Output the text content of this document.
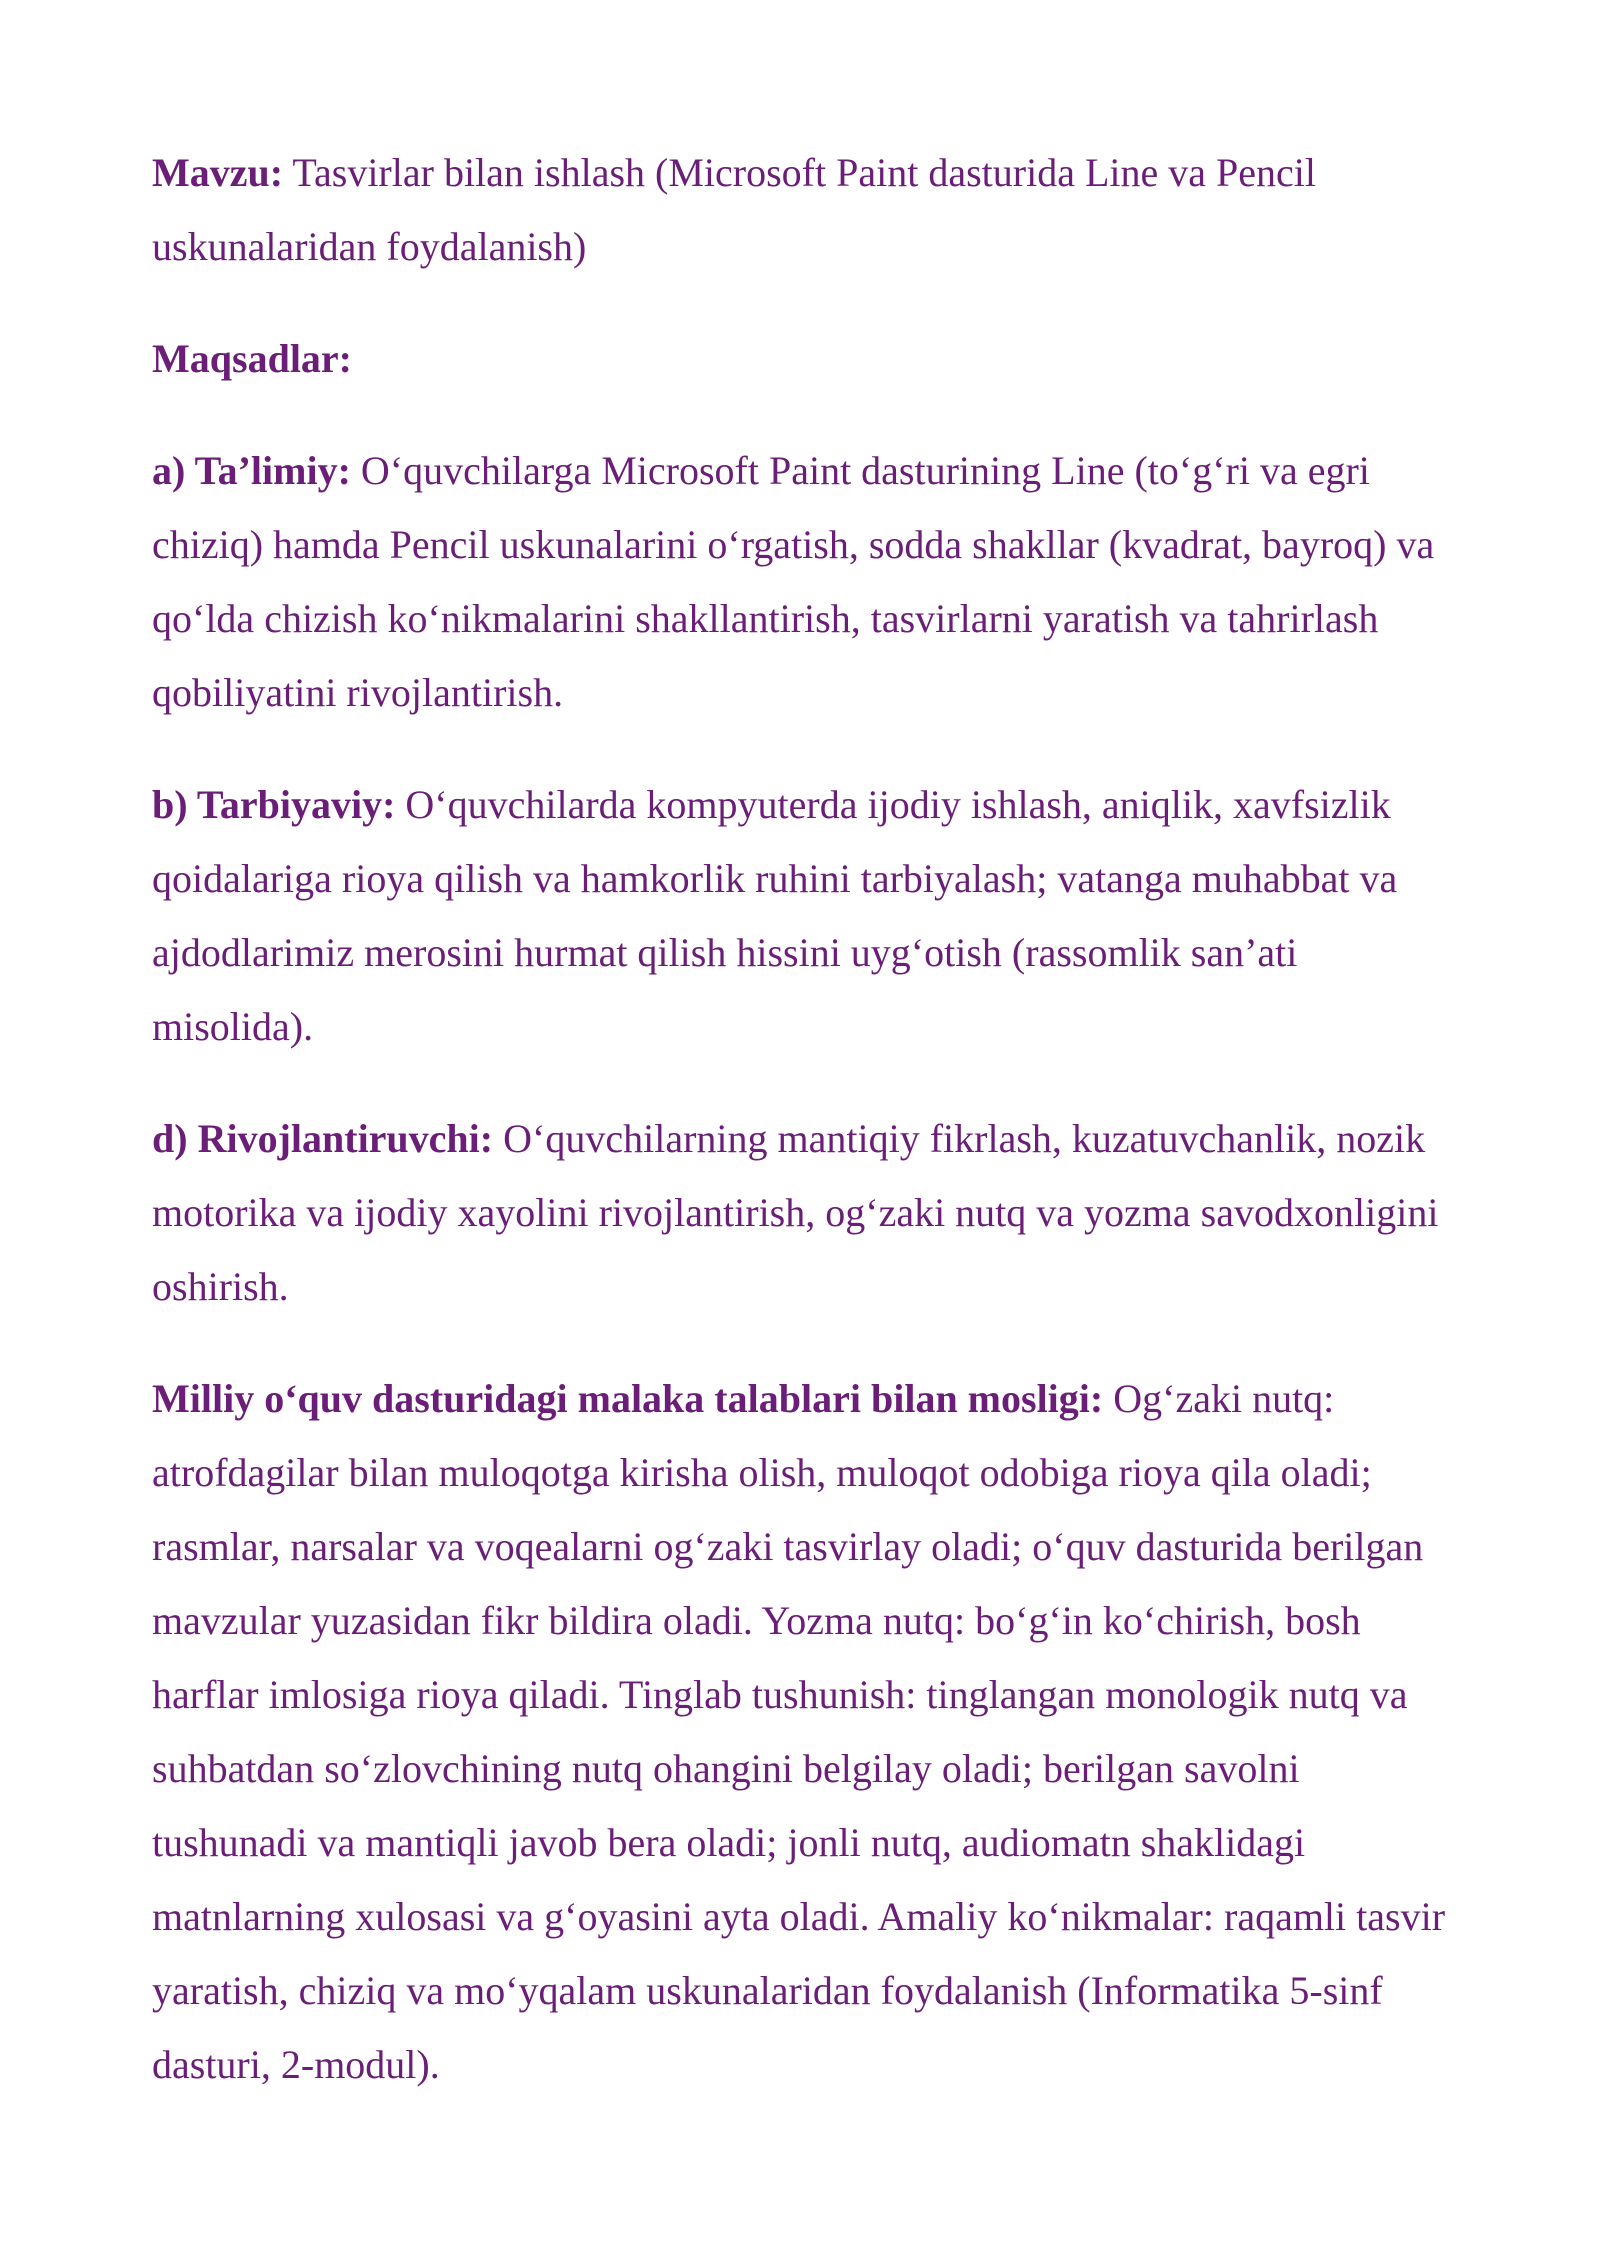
Mavzu: Tasvirlar bilan ishlash (Microsoft Paint dasturida Line va Pencil uskunalaridan foydalanish)

Maqsadlar:

a) Ta’limiy: O‘quvchilarga Microsoft Paint dasturining Line (to‘g‘ri va egri chiziq) hamda Pencil uskunalarini o‘rgatish, sodda shakllar (kvadrat, bayroq) va qo‘lda chizish ko‘nikmalarini shakllantirish, tasvirlarni yaratish va tahrirlash qobiliyatini rivojlantirish.

b) Tarbiyaviy: O‘quvchilarda kompyuterda ijodiy ishlash, aniqlik, xavfsizlik qoidalariga rioya qilish va hamkorlik ruhini tarbiyalash; vatanga muhabbat va ajdodlarimiz merosini hurmat qilish hissini uyg‘otish (rassomlik san’ati misolida).

d) Rivojlantiruvchi: O‘quvchilarning mantiqiy fikrlash, kuzatuvchanlik, nozik motorika va ijodiy xayolini rivojlantirish, og‘zaki nutq va yozma savodxonligini oshirish.

Milliy o‘quv dasturidagi malaka talablari bilan mosligi: Og‘zaki nutq: atrofdagilar bilan muloqotga kirisha olish, muloqot odobiga rioya qila oladi; rasmlar, narsalar va voqealarni og‘zaki tasvirlay oladi; o‘quv dasturida berilgan mavzular yuzasidan fikr bildira oladi. Yozma nutq: bo‘g‘in ko‘chirish, bosh harflar imlosiga rioya qiladi. Tinglab tushunish: tinglangan monologik nutq va suhbatdan so‘zlovchining nutq ohangini belgilay oladi; berilgan savolni tushunadi va mantiqli javob bera oladi; jonli nutq, audiomatn shaklidagi matnlarning xulosasi va g‘oyasini ayta oladi. Amaliy ko‘nikmalar: raqamli tasvir yaratish, chiziq va mo‘yqalam uskunalaridan foydalanish (Informatika 5-sinf dasturi, 2-modul).
